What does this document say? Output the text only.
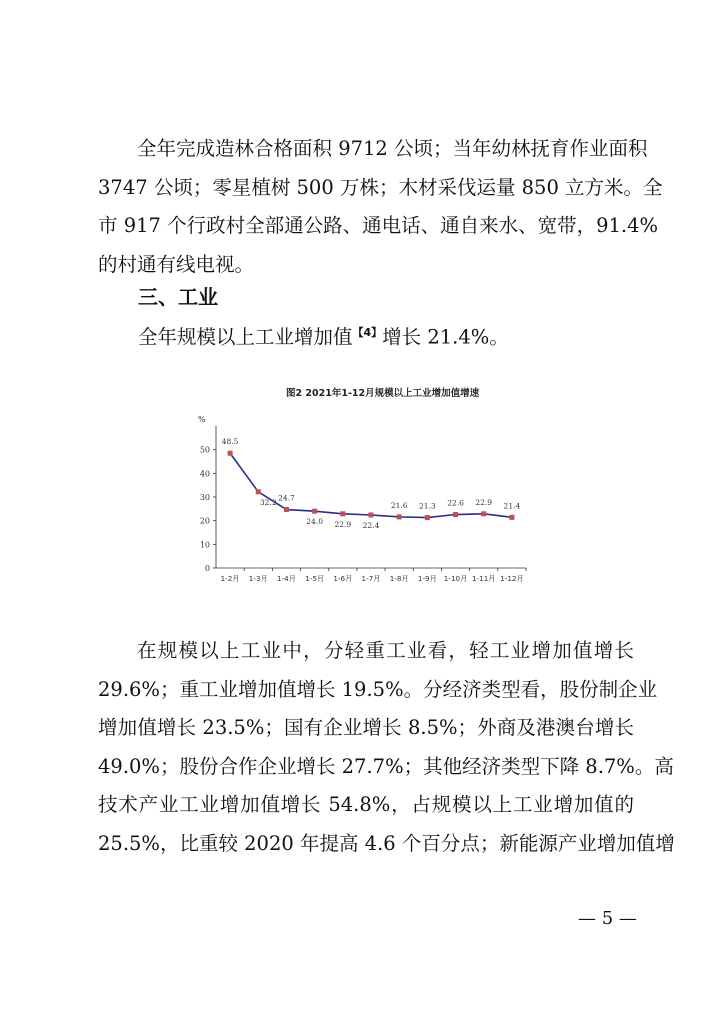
全年完成造林合格面积 9712 公顷；当年幼林抚育作业面积
3747 公顷；零星植树 500 万株；木材采伐运量 850 立方米。全
市 917 个行政村全部通公路、通电话、通自来水、宽带，91.4%
的村通有线电视。
三、工业
全年规模以上工业增加值$^{【4】}$增长 21.4%。
图2 2021年1-12月规模以上工业增加值增速
%
0
10
20
30
40
50
1-2月 1-3月 1-4月 1-5月 1-6月 1-7月 1-8月 1-9月 1-10月 1-11月 1-12月
48.5
32.2 24.7
24.0 22.9 22.4
21.6 21.3 22.6 22.9 21.4
在规模以上工业中，分轻重工业看，轻工业增加值增长
29.6%；重工业增加值增长 19.5%。分经济类型看，股份制企业
增加值增长 23.5%；国有企业增长 8.5%；外商及港澳台增长
49.0%；股份合作企业增长 27.7%；其他经济类型下降 8.7%。高
技术产业工业增加值增长 54.8%，占规模以上工业增加值的
25.5%，比重较 2020 年提高 4.6 个百分点；新能源产业增加值增
— 5 —
